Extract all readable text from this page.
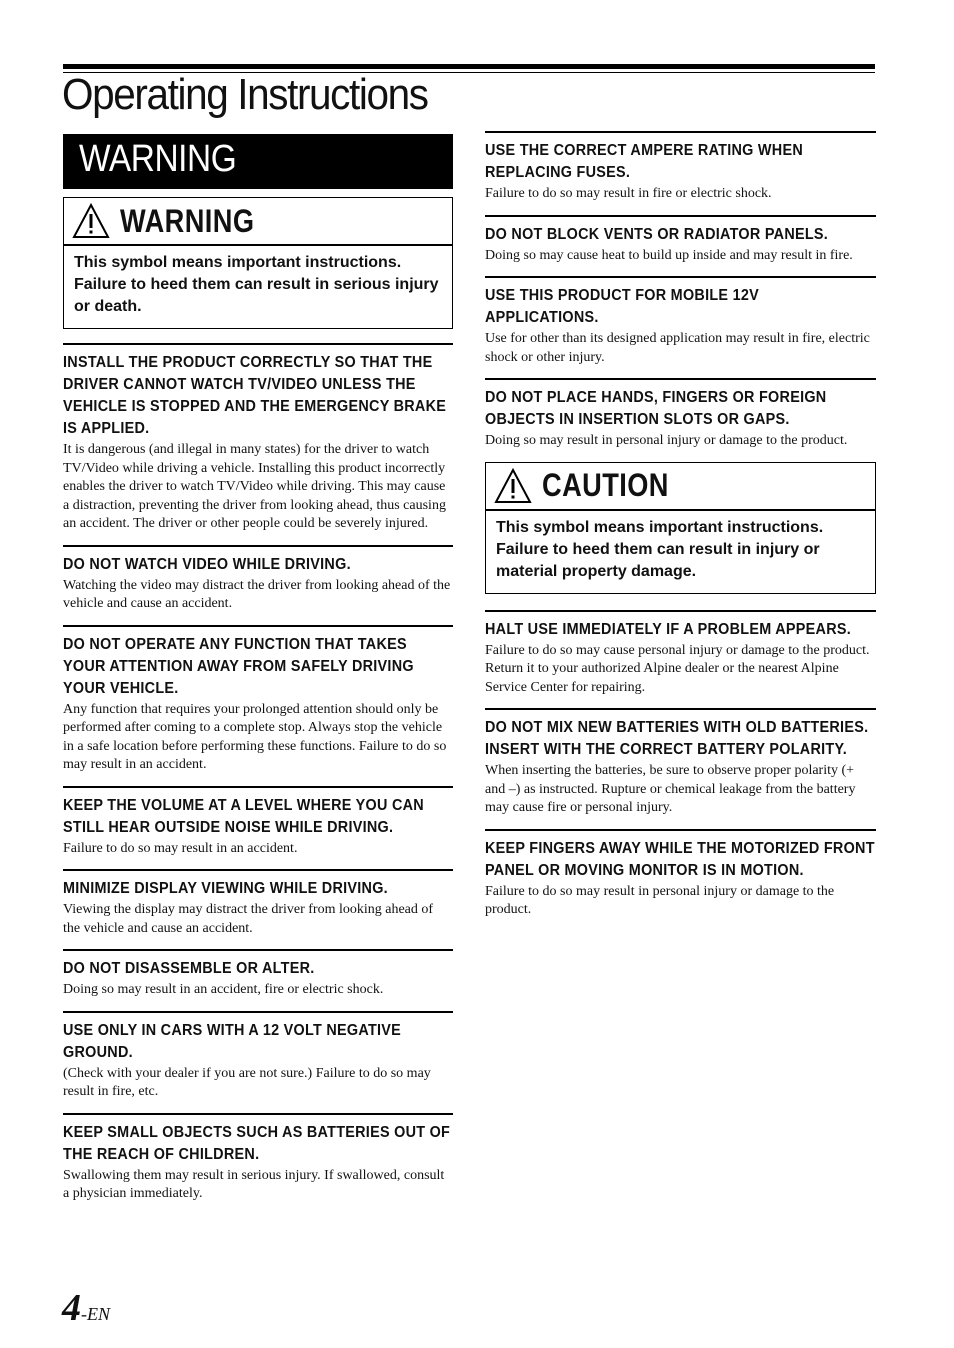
Operating Instructions
WARNING
WARNING
This symbol means important instructions. Failure to heed them can result in serious injury or death.
INSTALL THE PRODUCT CORRECTLY SO THAT THE DRIVER CANNOT WATCH TV/VIDEO UNLESS THE VEHICLE IS STOPPED AND THE EMERGENCY BRAKE IS APPLIED.
It is dangerous (and illegal in many states) for the driver to watch TV/Video while driving a vehicle. Installing this product incorrectly enables the driver to watch TV/Video while driving. This may cause a distraction, preventing the driver from looking ahead, thus causing an accident. The driver or other people could be severely injured.
DO NOT WATCH VIDEO WHILE DRIVING.
Watching the video may distract the driver from looking ahead of the vehicle and cause an accident.
DO NOT OPERATE ANY FUNCTION THAT TAKES YOUR ATTENTION AWAY FROM SAFELY DRIVING YOUR VEHICLE.
Any function that requires your prolonged attention should only be performed after coming to a complete stop. Always stop the vehicle in a safe location before performing these functions. Failure to do so may result in an accident.
KEEP THE VOLUME AT A LEVEL WHERE YOU CAN STILL HEAR OUTSIDE NOISE WHILE DRIVING.
Failure to do so may result in an accident.
MINIMIZE DISPLAY VIEWING WHILE DRIVING.
Viewing the display may distract the driver from looking ahead of the vehicle and cause an accident.
DO NOT DISASSEMBLE OR ALTER.
Doing so may result in an accident, fire or electric shock.
USE ONLY IN CARS WITH A 12 VOLT NEGATIVE GROUND.
(Check with your dealer if you are not sure.) Failure to do so may result in fire, etc.
KEEP SMALL OBJECTS SUCH AS BATTERIES OUT OF THE REACH OF CHILDREN.
Swallowing them may result in serious injury. If swallowed, consult a physician immediately.
USE THE CORRECT AMPERE RATING WHEN REPLACING FUSES.
Failure to do so may result in fire or electric shock.
DO NOT BLOCK VENTS OR RADIATOR PANELS.
Doing so may cause heat to build up inside and may result in fire.
USE THIS PRODUCT FOR MOBILE 12V APPLICATIONS.
Use for other than its designed application may result in fire, electric shock or other injury.
DO NOT PLACE HANDS, FINGERS OR FOREIGN OBJECTS IN INSERTION SLOTS OR GAPS.
Doing so may result in personal injury or damage to the product.
CAUTION
This symbol means important instructions. Failure to heed them can result in injury or material property damage.
HALT USE IMMEDIATELY IF A PROBLEM APPEARS.
Failure to do so may cause personal injury or damage to the product. Return it to your authorized Alpine dealer or the nearest Alpine Service Center for repairing.
DO NOT MIX NEW BATTERIES WITH OLD BATTERIES. INSERT WITH THE CORRECT BATTERY POLARITY.
When inserting the batteries, be sure to observe proper polarity (+ and –) as instructed. Rupture or chemical leakage from the battery may cause fire or personal injury.
KEEP FINGERS AWAY WHILE THE MOTORIZED FRONT PANEL OR MOVING MONITOR IS IN MOTION.
Failure to do so may result in personal injury or damage to the product.
4-EN
